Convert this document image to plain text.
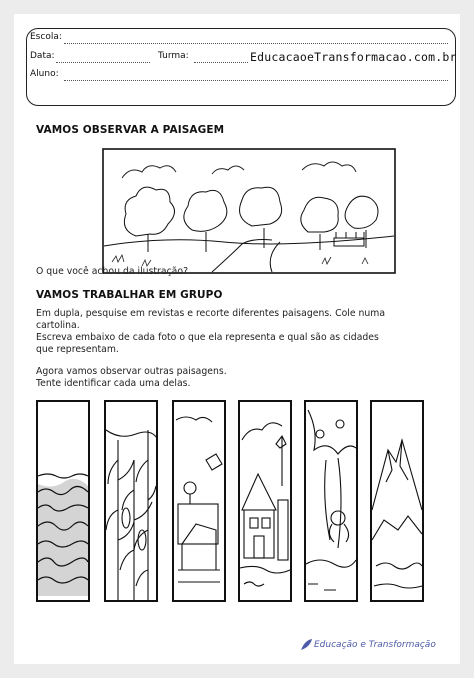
Escola:
Data:	Turma:	EducacaoeTransformacao.com.br
Aluno:
VAMOS OBSERVAR A PAISAGEM
O que você achou da ilustração?
VAMOS TRABALHAR EM GRUPO
Em dupla, pesquise em revistas e recorte diferentes paisagens. Cole numa
cartolina.
Escreva embaixo de cada foto o que ela representa e qual são as cidades
que representam.
Agora vamos observar outras paisagens.
Tente identificar cada uma delas.
Educação e Transformação
